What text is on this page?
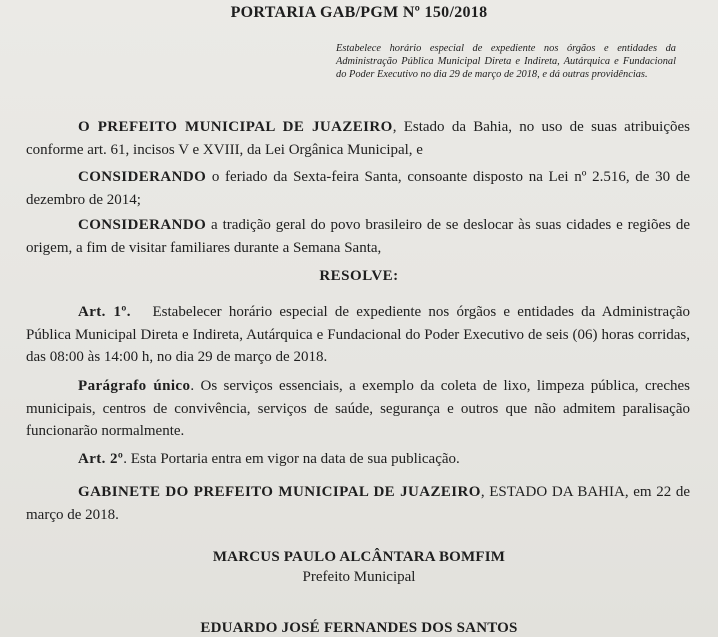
PORTARIA GAB/PGM Nº 150/2018
Estabelece horário especial de expediente nos órgãos e entidades da Administração Pública Municipal Direta e Indireta, Autárquica e Fundacional do Poder Executivo no dia 29 de março de 2018, e dá outras providências.

O PREFEITO MUNICIPAL DE JUAZEIRO, Estado da Bahia, no uso de suas atribuições conforme art. 61, incisos V e XVIII, da Lei Orgânica Municipal, e

CONSIDERANDO o feriado da Sexta-feira Santa, consoante disposto na Lei nº 2.516, de 30 de dezembro de 2014;

CONSIDERANDO a tradição geral do povo brasileiro de se deslocar às suas cidades e regiões de origem, a fim de visitar familiares durante a Semana Santa,

RESOLVE:

Art. 1º.   Estabelecer horário especial de expediente nos órgãos e entidades da Administração Pública Municipal Direta e Indireta, Autárquica e Fundacional do Poder Executivo de seis (06) horas corridas, das 08:00 às 14:00 h, no dia 29 de março de 2018.

Parágrafo único. Os serviços essenciais, a exemplo da coleta de lixo, limpeza pública, creches municipais, centros de convivência, serviços de saúde, segurança e outros que não admitem paralisação funcionarão normalmente.

Art. 2º. Esta Portaria entra em vigor na data de sua publicação.

GABINETE DO PREFEITO MUNICIPAL DE JUAZEIRO, ESTADO DA BAHIA, em 22 de março de 2018.

MARCUS PAULO ALCÂNTARA BOMFIM
Prefeito Municipal
EDUARDO JOSÉ FERNANDES DOS SANTOS
